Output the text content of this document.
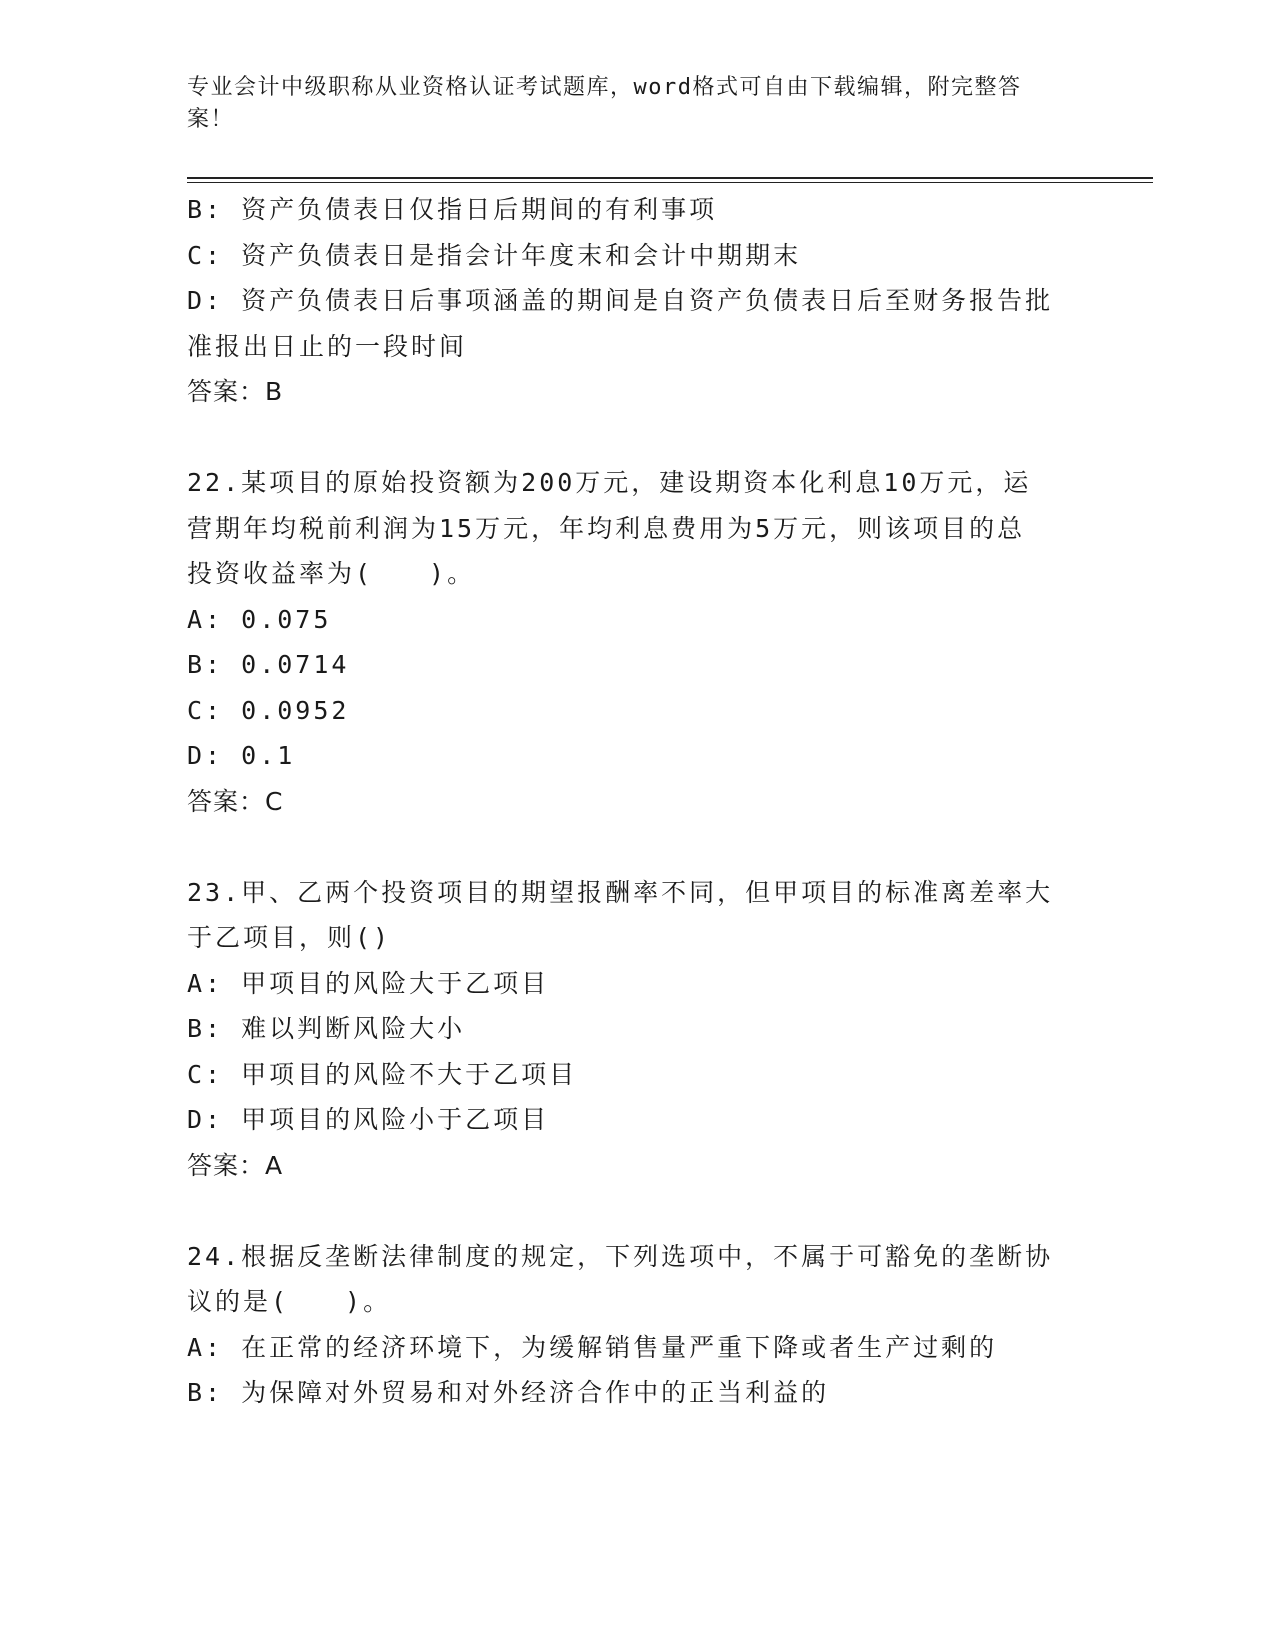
专业会计中级职称从业资格认证考试题库，word格式可自由下载编辑，附完整答案！
B: 资产负债表日仅指日后期间的有利事项
C: 资产负债表日是指会计年度末和会计中期期末
D: 资产负债表日后事项涵盖的期间是自资产负债表日后至财务报告批
准报出日止的一段时间
答案：B
22.某项目的原始投资额为200万元，建设期资本化利息10万元，运
营期年均税前利润为15万元，年均利息费用为5万元，则该项目的总
投资收益率为(　　)。
A: 0.075
B: 0.0714
C: 0.0952
D: 0.1
答案：C
23.甲、乙两个投资项目的期望报酬率不同，但甲项目的标准离差率大
于乙项目，则()
A: 甲项目的风险大于乙项目
B: 难以判断风险大小
C: 甲项目的风险不大于乙项目
D: 甲项目的风险小于乙项目
答案：A
24.根据反垄断法律制度的规定，下列选项中，不属于可豁免的垄断协
议的是(　　)。
A: 在正常的经济环境下，为缓解销售量严重下降或者生产过剩的
B: 为保障对外贸易和对外经济合作中的正当利益的
